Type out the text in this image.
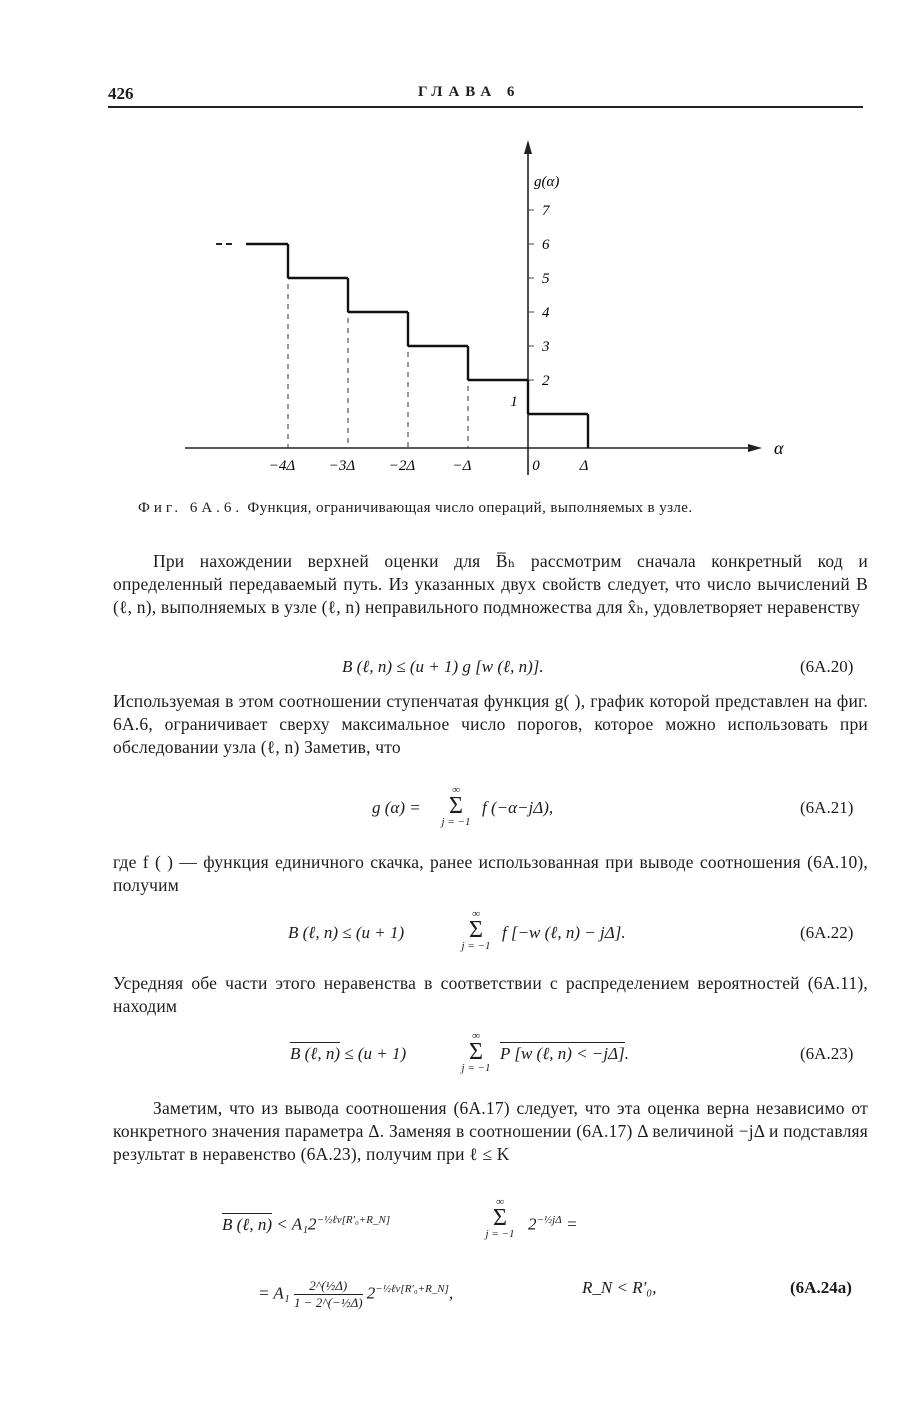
426	ГЛАВА 6
1
2
3
4
5
6
7
−4Δ −3Δ −2Δ −Δ	0	Δ
g(α)
α
Фиг. 6А.6. Функция, ограничивающая число операций, выполняемых в узле.
При нахождении верхней оценки для B̅ₕ рассмотрим сначала конкретный код и определенный передаваемый путь. Из указанных двух свойств следует, что число вычислений B (ℓ, n), выполняемых в узле (ℓ, n) неправильного подмножества для x̂ₕ, удовлетворяет неравенству
B (ℓ, n) ≤ (u + 1) g [w (ℓ, n)].	(6А.20)
Используемая в этом соотношении ступенчатая функция g( ), график которой представлен на фиг. 6А.6, ограничивает сверху максимальное число порогов, которое можно использовать при обследовании узла (ℓ, n) Заметив, что
g (α) =
∞
Σ
j = −1
f (−α−jΔ),	(6А.21)
где f ( ) — функция единичного скачка, ранее использованная при выводе соотношения (6А.10), получим
B (ℓ, n) ≤ (u + 1)
∞
Σ
j = −1
f [−w (ℓ, n) − jΔ].	(6А.22)
Усредняя обе части этого неравенства в соответствии с распределением вероятностей (6А.11), находим
B (ℓ, n) ≤ (u + 1)
∞
Σ
j = −1
P [w (ℓ, n) < −jΔ].	(6А.23)
Заметим, что из вывода соотношения (6А.17) следует, что эта оценка верна независимо от конкретного значения параметра Δ. Заменяя в соотношении (6А.17) Δ величиной −jΔ и подставляя результат в неравенство (6А.23), получим при ℓ ≤ K
B (ℓ, $n) < A_12^{-\frac{1}{2}\ell v[R'_0+R\_N]}$
∞
Σ
j = −1
$2^{-\frac{1}{2}j\Delta}$ =
= $A_1 \frac{\text{2\textasciicircum{}(½Δ)}}{\text{1 − 2\textasciicircum{}(−½Δ)}} 2^{-\frac{1}{2}\ell v[R'_0+R\_N]}$,	R_N < R′₀,	(6А.24а)
